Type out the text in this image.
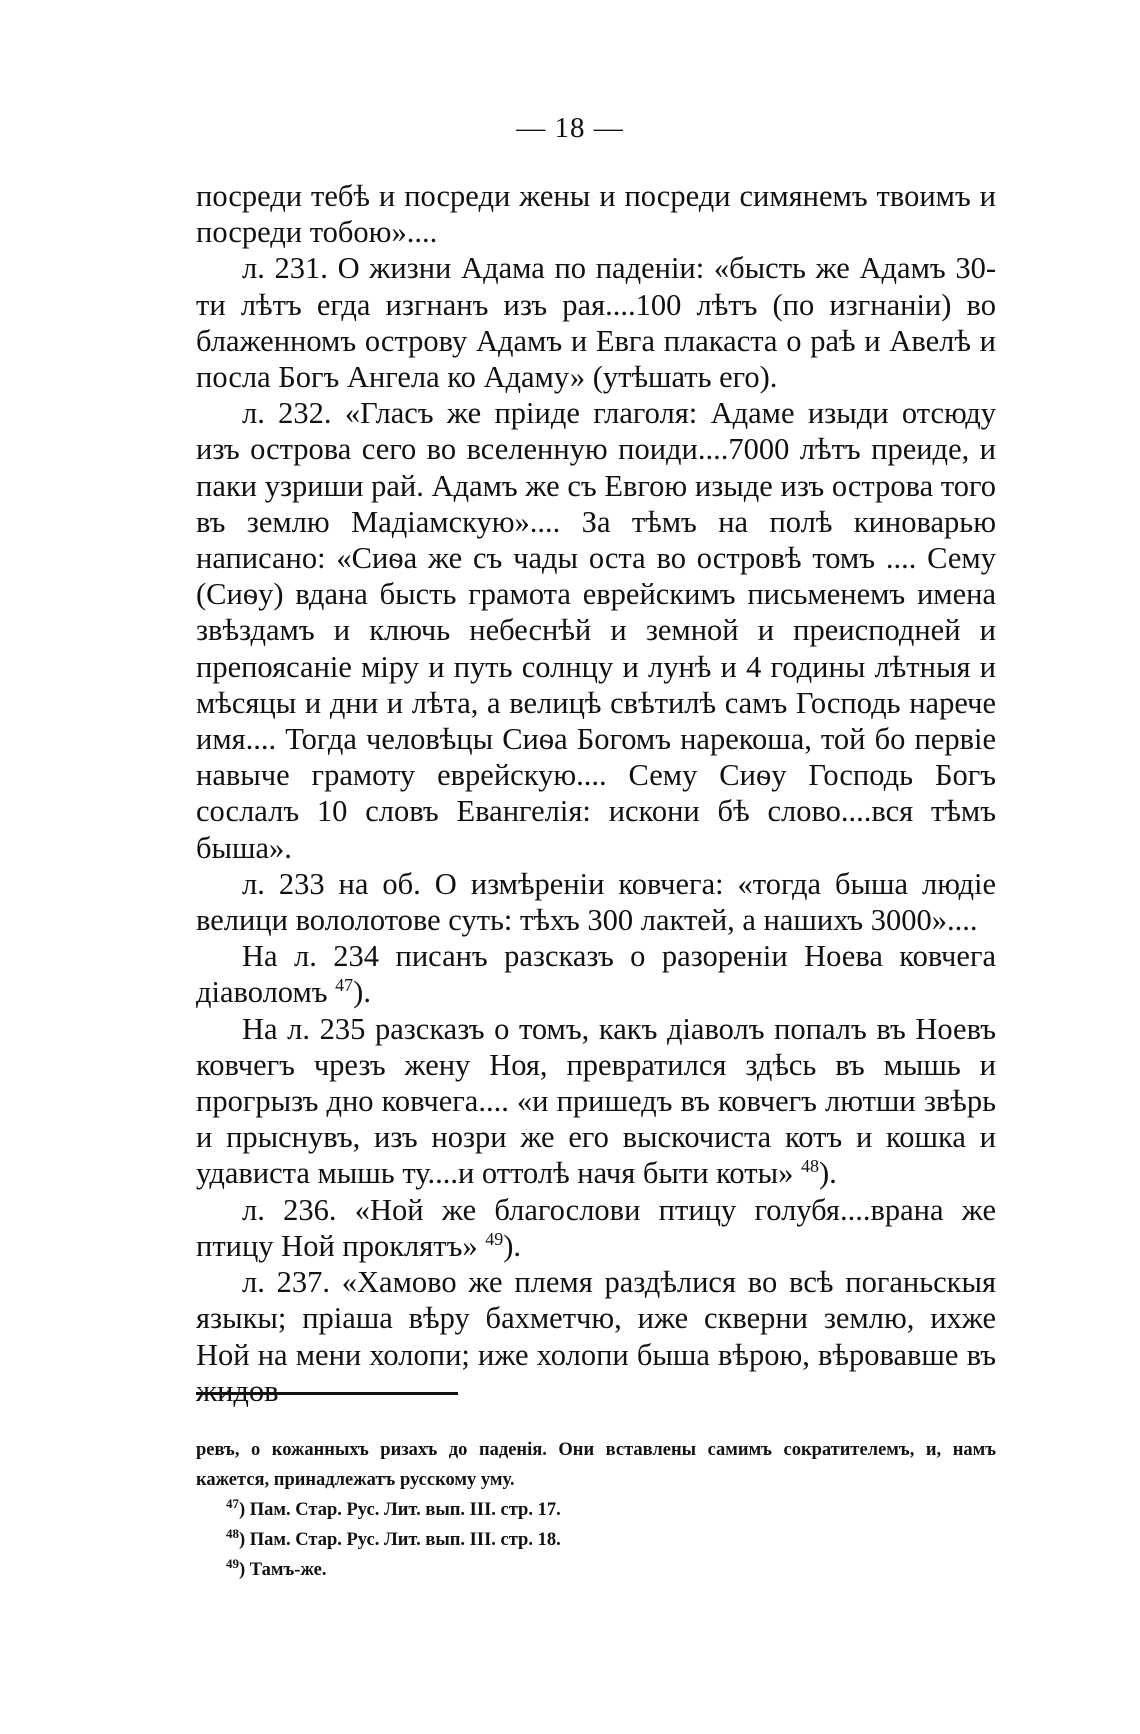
— 18 —

посреди тебѣ и посреди жены и посреди симянемъ твоимъ и посреди тобою»....

л. 231. О жизни Адама по паденіи: «бысть же Адамъ 30-ти лѣтъ егда изгнанъ изъ рая....100 лѣтъ (по изгнаніи) во блаженномъ острову Адамъ и Евга плакаста о раѣ и Авелѣ и посла Богъ Ангела ко Адаму» (утѣшать его).

л. 232. «Гласъ же пріиде глаголя: Адаме изыди отсюду изъ острова сего во вселенную поиди....7000 лѣтъ преиде, и паки узриши рай. Адамъ же съ Евгою изыде изъ острова того въ землю Мадіамскую».... За тѣмъ на полѣ киноварью написано: «Сиѳа же съ чады оста во островѣ томъ .... Сему (Сиѳу) вдана бысть грамота еврейскимъ письменемъ имена звѣздамъ и ключь небеснѣй и земной и преисподней и препоясаніе міру и путь солнцу и лунѣ и 4 годины лѣтныя и мѣсяцы и дни и лѣта, а велицѣ свѣтилѣ самъ Господь нарече имя.... Тогда человѣцы Сиѳа Богомъ нарекоша, той бо первіе навыче грамоту еврейскую.... Сему Сиѳу Господь Богъ сослалъ 10 словъ Евангелія: искони бѣ слово....вся тѣмъ быша».

л. 233 на об. О измѣреніи ковчега: «тогда быша людіе велици вололотове суть: тѣхъ 300 лактей, а нашихъ 3000»....

На л. 234 писанъ разсказъ о разореніи Ноева ковчега діаволомъ $^{47}$).

На л. 235 разсказъ о томъ, какъ діаволъ попалъ въ Ноевъ ковчегъ чрезъ жену Ноя, превратился здѣсь въ мышь и прогрызъ дно ковчега.... «и пришедъ въ ковчегъ лютши звѣрь и прыснувъ, изъ нозри же его выскочиста котъ и кошка и удависта мышь ту....и оттолѣ начя быти коты» $^{48}$).

л. 236. «Ной же благослови птицу голубя....врана же птицу Ной проклятъ» $^{49}$).

л. 237. «Хамово же племя раздѣлися во вcѣ поганьскыя языкы; пріаша вѣру бахметчю, иже скверни землю, ихже Ной на мени холопи; иже холопи быша вѣрою, вѣровавше въ жидов-

ревъ, о кожанныхъ ризахъ до паденія. Они вставлены самимъ сократителемъ, и, намъ кажется, принадлежатъ русскому уму.

$^{47}$) Пам. Стар. Рус. Лит. вып. III. стр. 17.

$^{48}$) Пам. Стар. Рус. Лит. вып. III. стр. 18.

$^{49}$) Тамъ-же.
